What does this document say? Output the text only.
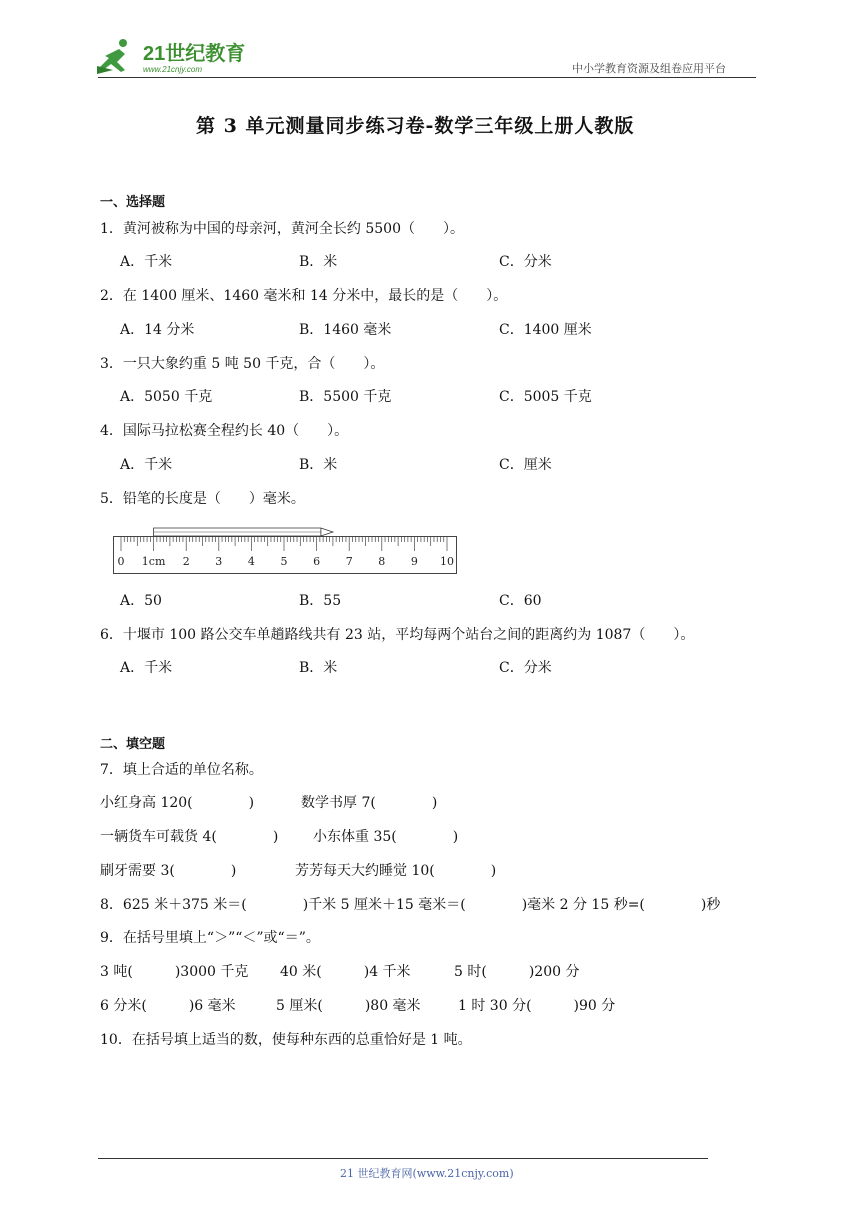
21世纪教育
www.21cnjy.com	中小学教育资源及组卷应用平台
第 3 单元测量同步练习卷-数学三年级上册人教版
一、选择题
1．黄河被称为中国的母亲河，黄河全长约 5500（　　）。
A．千米	B．米	C．分米
2．在 1400 厘米、1460 毫米和 14 分米中，最长的是（　　）。
A．14 分米	B．1460 毫米	C．1400 厘米
3．一只大象约重 5 吨 50 千克，合（　　）。
A．5050 千克	B．5500 千克	C．5005 千克
4．国际马拉松赛全程约长 40（　　）。
A．千米	B．米	C．厘米
5．铅笔的长度是（　　）毫米。
0 1cm 2 3 4 5 6 7 8 9 10
A．50	B．55	C．60
6．十堰市 100 路公交车单趟路线共有 23 站，平均每两个站台之间的距离约为 1087（　　）。
A．千米	B．米	C．分米
二、填空题
7．填上合适的单位名称。
小红身高 120(　　　　)	数学书厚 7(　　　　)
一辆货车可载货 4(　　　　) 小东体重 35(　　　　)
刷牙需要 3(　　　　)	芳芳每天大约睡觉 10(　　　　)
8．625 米＋375 米＝(　　　　)千米 5 厘米＋15 毫米＝(　　　　)毫米 2 分 15 秒=(　　　　)秒
9．在括号里填上“＞”“＜”或“＝”。
3 吨(　　　)3000 千克 40 米(　　　)4 千米	5 时(　　　)200 分
6 分米(　　　)6 毫米	5 厘米(　　　)80 毫米	1 时 30 分(　　　)90 分
10．在括号填上适当的数，使每种东西的总重恰好是 1 吨。
21 世纪教育网(www.21cnjy.com)
